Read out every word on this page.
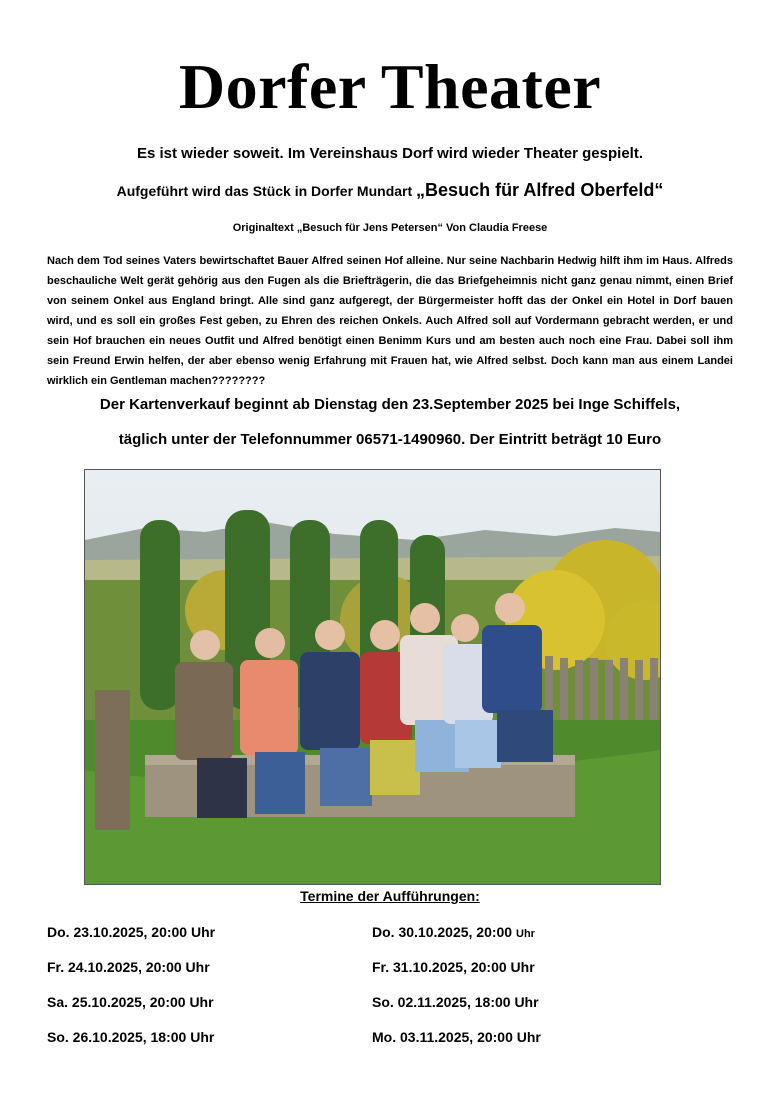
Dorfer Theater
Es ist wieder soweit. Im Vereinshaus Dorf wird wieder Theater gespielt.
Aufgeführt wird das Stück in Dorfer Mundart „Besuch für Alfred Oberfeld“
Originaltext „Besuch für Jens Petersen“ Von Claudia Freese
Nach dem Tod seines Vaters bewirtschaftet Bauer Alfred seinen Hof alleine. Nur seine Nachbarin Hedwig hilft ihm im Haus. Alfreds beschauliche Welt gerät gehörig aus den Fugen als die Briefträgerin, die das Briefgeheimnis nicht ganz genau nimmt, einen Brief von seinem Onkel aus England bringt. Alle sind ganz aufgeregt, der Bürgermeister hofft das der Onkel ein Hotel in Dorf bauen wird, und es soll ein großes Fest geben, zu Ehren des reichen Onkels. Auch Alfred soll auf Vordermann gebracht werden, er und sein Hof brauchen ein neues Outfit und Alfred benötigt einen Benimm Kurs und am besten auch noch eine Frau. Dabei soll ihm sein Freund Erwin helfen, der aber ebenso wenig Erfahrung mit Frauen hat, wie Alfred selbst. Doch kann man aus einem Landei wirklich ein Gentleman machen????????
Der Kartenverkauf beginnt ab Dienstag den 23.September 2025 bei Inge Schiffels,
täglich unter der Telefonnummer 06571-1490960. Der Eintritt beträgt 10 Euro
Termine der Aufführungen:
Do. 23.10.2025, 20:00 Uhr
Fr. 24.10.2025, 20:00 Uhr
Sa. 25.10.2025, 20:00 Uhr
So. 26.10.2025, 18:00 Uhr
Do. 30.10.2025, 20:00 Uhr
Fr. 31.10.2025, 20:00 Uhr
So. 02.11.2025, 18:00 Uhr
Mo. 03.11.2025, 20:00 Uhr
